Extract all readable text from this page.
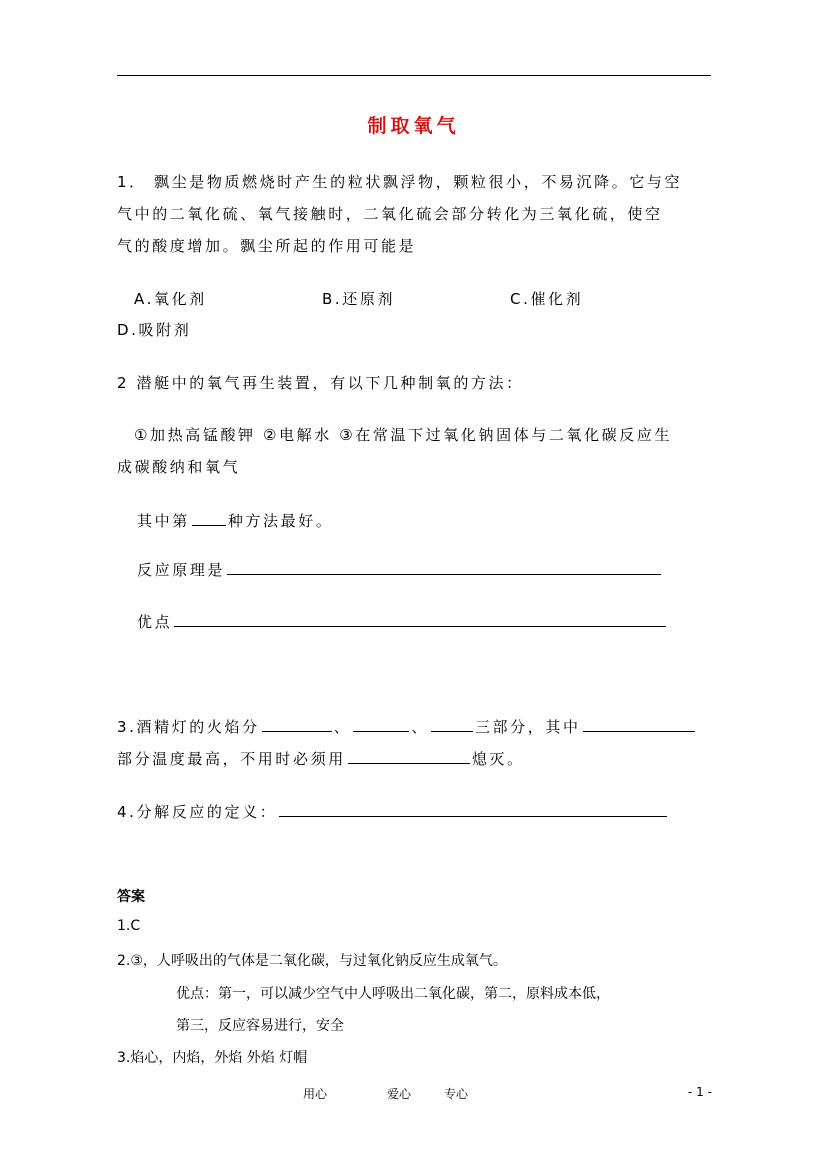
制取氧气
1． 飘尘是物质燃烧时产生的粒状飘浮物，颗粒很小，不易沉降。它与空
气中的二氧化硫、氧气接触时，二氧化硫会部分转化为三氧化硫，使空
气的酸度增加。飘尘所起的作用可能是
A.氧化剂	B.还原剂	C.催化剂
D.吸附剂
2 潜艇中的氧气再生装置，有以下几种制氧的方法：
①加热高锰酸钾 ②电解水 ③在常温下过氧化钠固体与二氧化碳反应生
成碳酸纳和氧气
其中第	种方法最好。
反应原理是
优点
3.酒精灯的火焰分	、	、	三部分，其中
部分温度最高，不用时必须用	熄灭。
4.分解反应的定义：
答案
1.C
2.③，人呼吸出的气体是二氧化碳，与过氧化钠反应生成氧气。
优点：第一，可以减少空气中人呼吸出二氧化碳，第二，原料成本低，
第三，反应容易进行，安全
3.焰心，内焰，外焰 外焰 灯帽
用心	爱心	专心	- 1 -
